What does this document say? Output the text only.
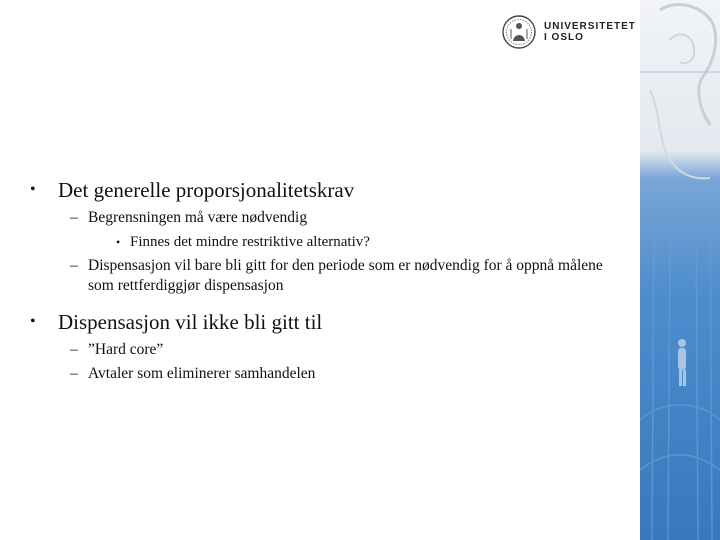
UNIVERSITETET
I OSLO
• Det generelle proporsjonalitetskrav
– Begrensningen må være nødvendig
• Finnes det mindre restriktive alternativ?
– Dispensasjon vil bare bli gitt for den periode som er nødvendig for å oppnå målene som rettferdiggjør dispensasjon
• Dispensasjon vil ikke bli gitt til
– ”Hard core”
– Avtaler som eliminerer samhandelen
